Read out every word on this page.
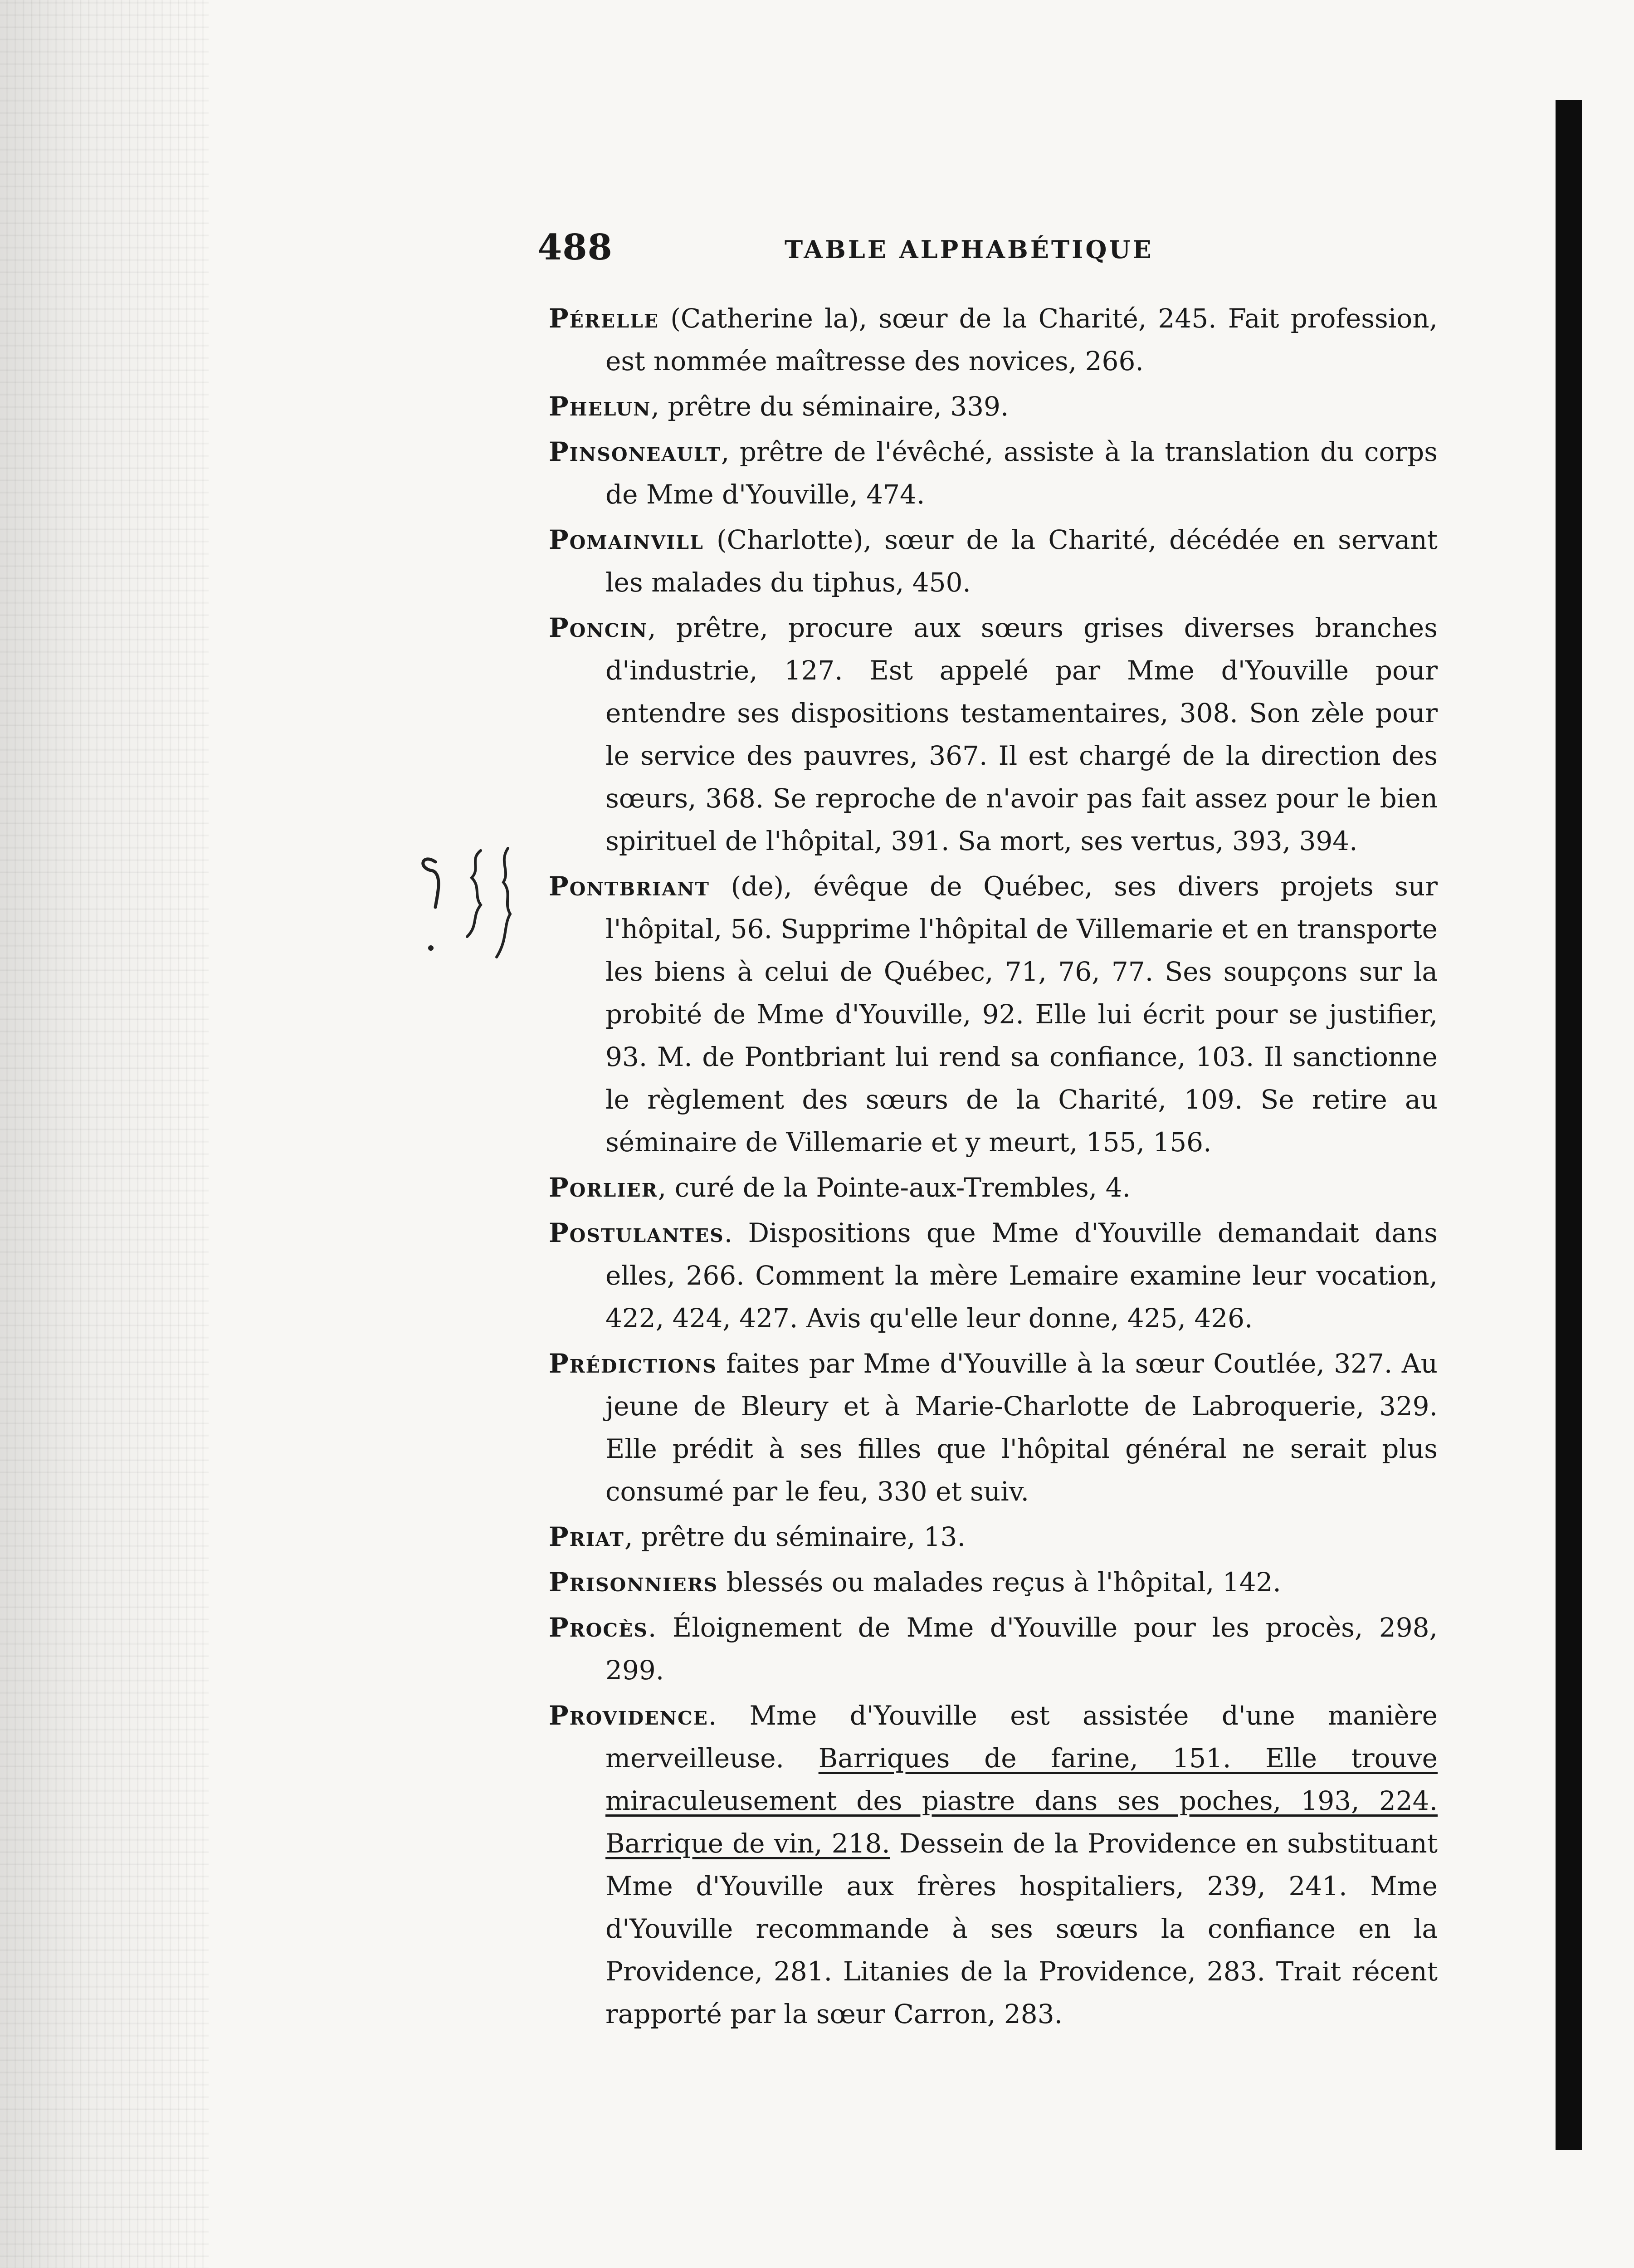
488	TABLE ALPHABÉTIQUE

Pérelle (Catherine la), sœur de la Charité, 245. Fait profession, est nommée maîtresse des novices, 266.

Phelun, prêtre du séminaire, 339.

Pinsoneault, prêtre de l'évêché, assiste à la translation du corps de Mme d'Youville, 474.

Pomainvill (Charlotte), sœur de la Charité, décédée en servant les malades du tiphus, 450.

Poncin, prêtre, procure aux sœurs grises diverses branches d'industrie, 127. Est appelé par Mme d'Youville pour entendre ses dispositions testamentaires, 308. Son zèle pour le service des pauvres, 367. Il est chargé de la direction des sœurs, 368. Se reproche de n'avoir pas fait assez pour le bien spirituel de l'hôpital, 391. Sa mort, ses vertus, 393, 394.

Pontbriant (de), évêque de Québec, ses divers projets sur l'hôpital, 56. Supprime l'hôpital de Villemarie et en transporte les biens à celui de Québec, 71, 76, 77. Ses soupçons sur la probité de Mme d'Youville, 92. Elle lui écrit pour se justifier, 93. M. de Pontbriant lui rend sa confiance, 103. Il sanctionne le règlement des sœurs de la Charité, 109. Se retire au séminaire de Villemarie et y meurt, 155, 156.

Porlier, curé de la Pointe-aux-Trembles, 4.

Postulantes. Dispositions que Mme d'Youville demandait dans elles, 266. Comment la mère Lemaire examine leur vocation, 422, 424, 427. Avis qu'elle leur donne, 425, 426.

Prédictions faites par Mme d'Youville à la sœur Coutlée, 327. Au jeune de Bleury et à Marie-Charlotte de Labroquerie, 329. Elle prédit à ses filles que l'hôpital général ne serait plus consumé par le feu, 330 et suiv.

Priat, prêtre du séminaire, 13.

Prisonniers blessés ou malades reçus à l'hôpital, 142.

Procès. Éloignement de Mme d'Youville pour les procès, 298, 299.

Providence. Mme d'Youville est assistée d'une manière merveilleuse. Barriques de farine, 151. Elle trouve miraculeusement des piastre dans ses poches, 193, 224. Barrique de vin, 218. Dessein de la Providence en substituant Mme d'Youville aux frères hospitaliers, 239, 241. Mme d'Youville recommande à ses sœurs la confiance en la Providence, 281. Litanies de la Providence, 283. Trait récent rapporté par la sœur Carron, 283.
